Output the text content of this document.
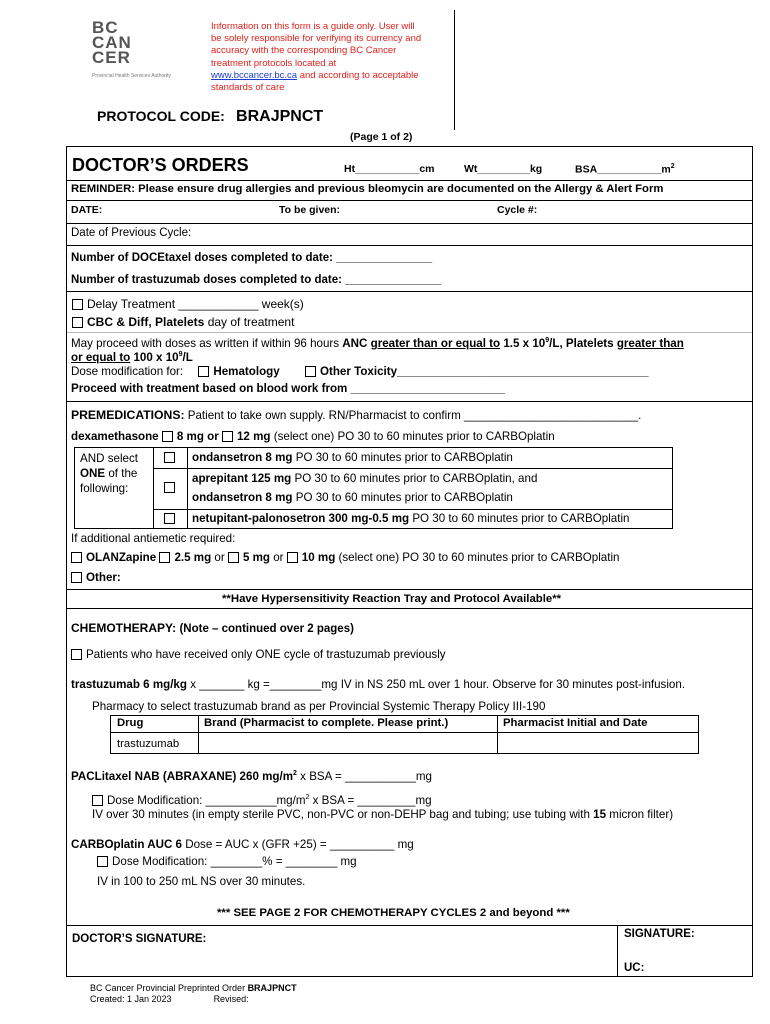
BC
CAN
CER
Provincial Health Services Authority
Information on this form is a guide only. User will
be solely responsible for verifying its currency and
accuracy with the corresponding BC Cancer
treatment protocols located at
www.bccancer.bc.ca and according to acceptable
standards of care
PROTOCOL CODE: BRAJPNCT
(Page 1 of 2)
DOCTOR’S ORDERS	Ht___________cm	Wt_________kg	$BSA\_\_\_\_\_\_\_\_\_\_\_m^2$
REMINDER: Please ensure drug allergies and previous bleomycin are documented on the Allergy & Alert Form
DATE:	To be given:	Cycle #:
Date of Previous Cycle:
Number of DOCEtaxel doses completed to date: _______________
Number of trastuzumab doses completed to date: _______________
Delay Treatment ____________ week(s)
CBC & Diff, Platelets day of treatment
May proceed with doses as written if within 96 hours ANC greater than or equal to 1.5 x $10^9/L$, Platelets greater than
or equal to 100 x $10^9/L$
Dose modification for:	Hematology	Other Toxicity_______________________________________
Proceed with treatment based on blood work from ________________________
PREMEDICATIONS: Patient to take own supply. RN/Pharmacist to confirm ___________________________.
dexamethasone 8 mg or 12 mg (select one) PO 30 to 60 minutes prior to CARBOplatin
AND select
ONE of the
following:
ondansetron 8 mg PO 30 to 60 minutes prior to CARBOplatin
aprepitant 125 mg PO 30 to 60 minutes prior to CARBOplatin, and
ondansetron 8 mg PO 30 to 60 minutes prior to CARBOplatin
netupitant-palonosetron 300 mg-0.5 mg PO 30 to 60 minutes prior to CARBOplatin
If additional antiemetic required:
OLANZapine 2.5 mg or 5 mg or 10 mg (select one) PO 30 to 60 minutes prior to CARBOplatin
Other:
**Have Hypersensitivity Reaction Tray and Protocol Available**
CHEMOTHERAPY: (Note – continued over 2 pages)
Patients who have received only ONE cycle of trastuzumab previously
trastuzumab 6 mg/kg x _______ kg =________mg IV in NS 250 mL over 1 hour. Observe for 30 minutes post-infusion.
Pharmacy to select trastuzumab brand as per Provincial Systemic Therapy Policy III-190
Drug	Brand (Pharmacist to complete. Please print.)	Pharmacist Initial and Date
trastuzumab
PACLitaxel NAB (ABRAXANE) 260 $mg/m^2$ x BSA = ___________mg
Dose Modification: $\_\_\_\_\_\_\_\_\_\_\_mg/m^2$ x BSA = _________mg
IV over 30 minutes (in empty sterile PVC, non-PVC or non-DEHP bag and tubing; use tubing with 15 micron filter)
CARBOplatin AUC 6 Dose = AUC x (GFR +25) = __________ mg
Dose Modification: ________% = ________ mg
IV in 100 to 250 mL NS over 30 minutes.
*** SEE PAGE 2 FOR CHEMOTHERAPY CYCLES 2 and beyond ***
DOCTOR’S SIGNATURE:	SIGNATURE:
UC:
BC Cancer Provincial Preprinted Order BRAJPNCT
Created: 1 Jan 2023	Revised:
